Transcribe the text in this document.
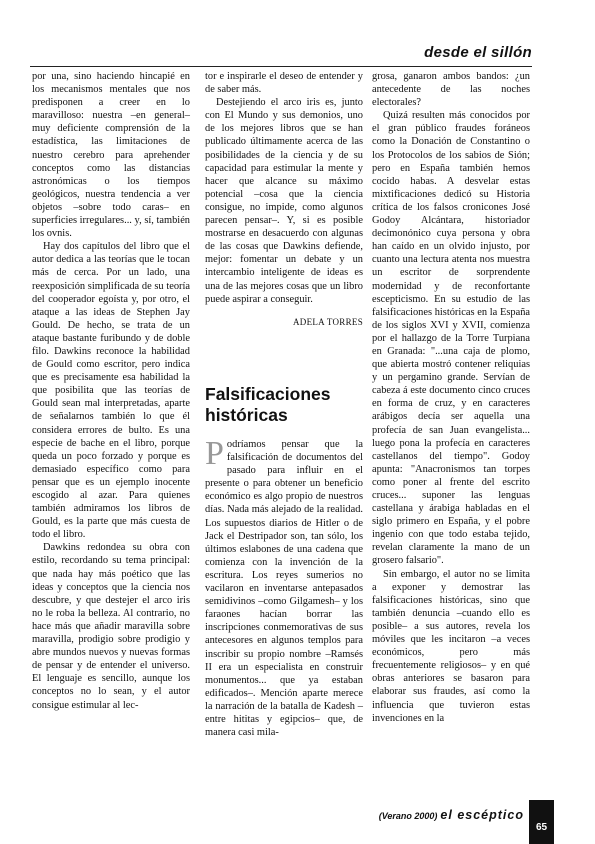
desde el sillón

por una, sino haciendo hincapié en los mecanismos mentales que nos predisponen a creer en lo maravilloso: nuestra –en general– muy deficiente comprensión de la estadística, las limitaciones de nuestro cerebro para aprehender conceptos como las distancias astronómicas o los tiempos geológicos, nuestra tendencia a ver objetos –sobre todo caras– en superficies irregulares... y, sí, también los ovnis.

Hay dos capítulos del libro que el autor dedica a las teorías que le tocan más de cerca. Por un lado, una reexposición simplificada de su teoría del cooperador egoísta y, por otro, el ataque a las ideas de Stephen Jay Gould. De hecho, se trata de un ataque bastante furibundo y de doble filo. Dawkins reconoce la habilidad de Gould como escritor, pero indica que es precisamente esa habilidad la que posibilita que las teorías de Gould sean mal interpretadas, aparte de señalarnos también lo que él considera errores de bulto. Es una especie de bache en el libro, porque queda un poco forzado y porque es demasiado específico como para pensar que es un ejemplo inocente escogido al azar. Para quienes también admiramos los libros de Gould, es la parte que más cuesta de todo el libro.

Dawkins redondea su obra con estilo, recordando su tema principal: que nada hay más poético que las ideas y conceptos que la ciencia nos descubre, y que destejer el arco iris no le roba la belleza. Al contrario, no hace más que añadir maravilla sobre maravilla, prodigio sobre prodigio y abre mundos nuevos y nuevas formas de pensar y de entender el universo. El lenguaje es sencillo, aunque los conceptos no lo sean, y el autor consigue estimular al lec-

tor e inspirarle el deseo de entender y de saber más.

Destejiendo el arco iris es, junto con El Mundo y sus demonios, uno de los mejores libros que se han publicado últimamente acerca de las posibilidades de la ciencia y de su capacidad para estimular la mente y hacer que alcance su máximo potencial –cosa que la ciencia consigue, no impide, como algunos parecen pensar–. Y, si es posible mostrarse en desacuerdo con algunas de las cosas que Dawkins defiende, mejor: fomentar un debate y un intercambio inteligente de ideas es una de las mejores cosas que un libro puede aspirar a conseguir.

ADELA TORRES

Falsificaciones históricas

Podríamos pensar que la falsificación de documentos del pasado para influir en el presente o para obtener un beneficio económico es algo propio de nuestros días. Nada más alejado de la realidad. Los supuestos diarios de Hitler o de Jack el Destripador son, tan sólo, los últimos eslabones de una cadena que comienza con la invención de la escritura. Los reyes sumerios no vacilaron en inventarse antepasados semidivinos –como Gilgamesh– y los faraones hacían borrar las inscripciones conmemorativas de sus antecesores en algunos templos para inscribir su propio nombre –Ramsés II era un especialista en construir monumentos... que ya estaban edificados–. Mención aparte merece la narración de la batalla de Kadesh –entre hititas y egipcios– que, de manera casi mila-

grosa, ganaron ambos bandos: ¿un antecedente de las noches electorales?

Quizá resulten más conocidos por el gran público fraudes foráneos como la Donación de Constantino o los Protocolos de los sabios de Sión; pero en España también hemos cocido habas. A desvelar estas mixtificaciones dedicó su Historia crítica de los falsos cronicones José Godoy Alcántara, historiador decimonónico cuya persona y obra han caído en un olvido injusto, por cuanto una lectura atenta nos muestra un escritor de sorprendente modernidad y de reconfortante escepticismo. En su estudio de las falsificaciones históricas en la España de los siglos XVI y XVII, comienza por el hallazgo de la Torre Turpiana en Granada: "...una caja de plomo, que abierta mostró contener reliquias y un pergamino grande. Servían de cabeza á este documento cinco cruces en forma de cruz, y en caracteres arábigos decía ser aquella una profecía de san Juan evangelista... luego pona la profecía en caracteres castellanos del tiempo". Godoy apunta: "Anacronismos tan torpes como poner al frente del escrito cruces... suponer las lenguas castellana y árabiga habladas en el siglo primero en España, y el pobre ingenio con que todo estaba tejido, revelan claramente la mano de un grosero falsario".

Sin embargo, el autor no se limita a exponer y demostrar las falsificaciones históricas, sino que también denuncia –cuando ello es posible– a sus autores, revela los móviles que les incitaron –a veces económicos, pero más frecuentemente religiosos– y en qué obras anteriores se basaron para elaborar sus fraudes, así como la influencia que tuvieron estas invenciones en la

(Verano 2000) el escéptico
65
